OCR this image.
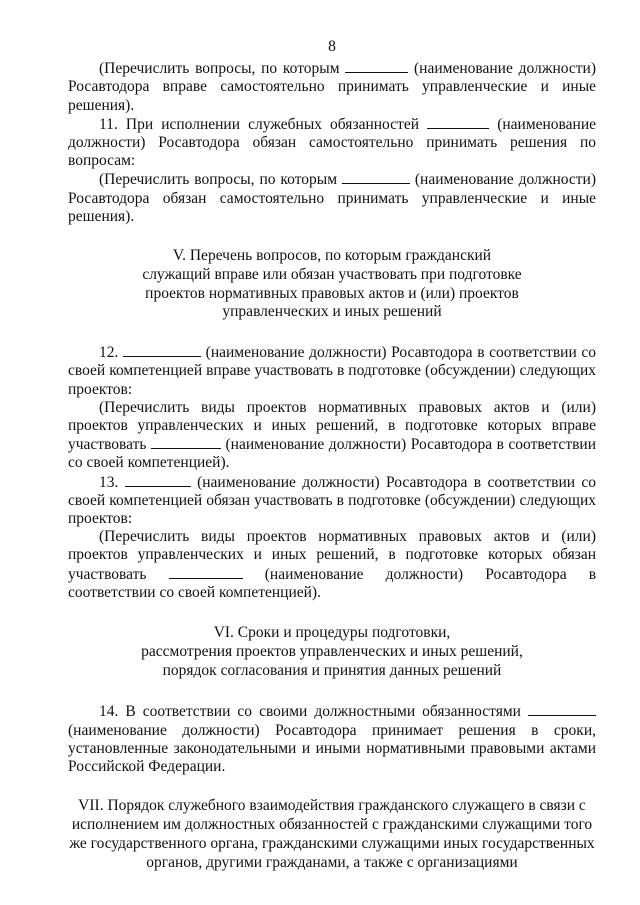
8

(Перечислить вопросы, по которым	(наименование должности) Росавтодора вправе самостоятельно принимать управленческие и иные решения).

11. При исполнении служебных обязанностей	(наименование должности) Росавтодора обязан самостоятельно принимать решения по вопросам:

(Перечислить вопросы, по которым	(наименование должности) Росавтодора обязан самостоятельно принимать управленческие и иные решения).

V. Перечень вопросов, по которым гражданский
служащий вправе или обязан участвовать при подготовке
проектов нормативных правовых актов и (или) проектов
управленческих и иных решений

12.	(наименование должности) Росавтодора в соответствии со своей компетенцией вправе участвовать в подготовке (обсуждении) следующих проектов:

(Перечислить виды проектов нормативных правовых актов и (или) проектов управленческих и иных решений, в подготовке которых вправе участвовать	(наименование должности) Росавтодора в соответствии со своей компетенцией).

13.	(наименование должности) Росавтодора в соответствии со своей компетенцией обязан участвовать в подготовке (обсуждении) следующих проектов:

(Перечислить виды проектов нормативных правовых актов и (или) проектов управленческих и иных решений, в подготовке которых обязан участвовать	(наименование должности) Росавтодора в соответствии со своей компетенцией).

VI. Сроки и процедуры подготовки,
рассмотрения проектов управленческих и иных решений,
порядок согласования и принятия данных решений

14. В соответствии со своими должностными обязанностями  (наименование должности) Росавтодора принимает решения в сроки, установленные законодательными и иными нормативными правовыми актами Российской Федерации.

VII. Порядок служебного взаимодействия гражданского служащего в связи с
исполнением им должностных обязанностей с гражданскими служащими того
же государственного органа, гражданскими служащими иных государственных
органов, другими гражданами, а также с организациями
